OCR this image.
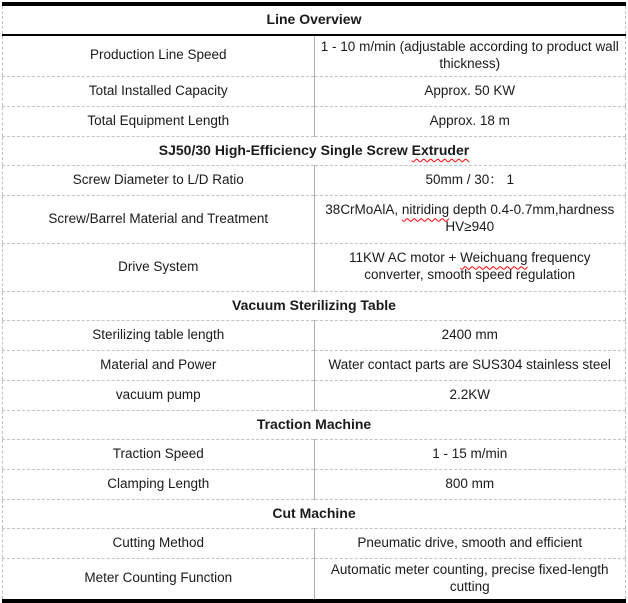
Line Overview	
Production Line Speed	1 - 10 m/min (adjustable according to product wall thickness)
Total Installed Capacity	Approx. 50 KW
Total Equipment Length	Approx. 18 m
SJ50/30 High-Efficiency Single Screw Extruder	
Screw Diameter to L/D Ratio	50mm / 30： 1
Screw/Barrel Material and Treatment	38CrMoAlA, nitriding depth 0.4-0.7mm,hardness HV≥940
Drive System	11KW AC motor + Weichuang frequency converter, smooth speed regulation
Vacuum Sterilizing Table	
Sterilizing table length	2400 mm
Material and Power	Water contact parts are SUS304 stainless steel
vacuum pump	2.2KW
Traction Machine	
Traction Speed	1 - 15 m/min
Clamping Length	800 mm
Cut Machine	
Cutting Method	Pneumatic drive, smooth and efficient
Meter Counting Function	Automatic meter counting, precise fixed-length cutting
